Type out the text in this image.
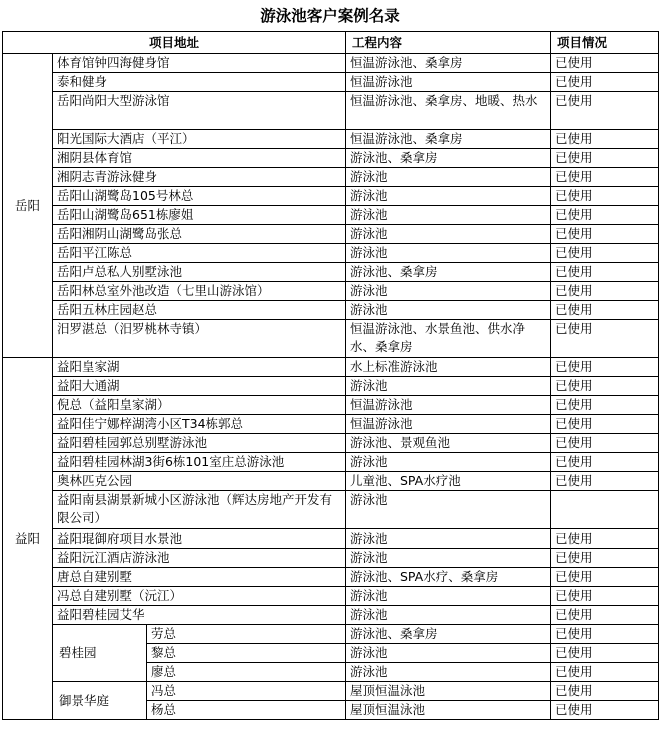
游泳池客户案例名录
项目地址			工程内容	项目情况
岳阳	体育馆钟四海健身馆		恒温游泳池、桑拿房	已使用
	泰和健身		恒温游泳池	已使用
	岳阳尚阳大型游泳馆		恒温游泳池、桑拿房、地暖、热水	已使用
	阳光国际大酒店（平江）		恒温游泳池、桑拿房	已使用
	湘阴县体育馆		游泳池、桑拿房	已使用
	湘阴志青游泳健身		游泳池	已使用
	岳阳山湖鹭岛105号林总		游泳池	已使用
	岳阳山湖鹭岛651栋廖姐		游泳池	已使用
	岳阳湘阴山湖鹭岛张总		游泳池	已使用
	岳阳平江陈总		游泳池	已使用
	岳阳卢总私人别墅泳池		游泳池、桑拿房	已使用
	岳阳林总室外池改造（七里山游泳馆）		游泳池	已使用
	岳阳五林庄园赵总		游泳池	已使用
	汨罗湛总（汨罗桃林寺镇）		恒温游泳池、水景鱼池、供水净水、桑拿房	已使用
益阳	益阳皇家湖		水上标准游泳池	已使用
	益阳大通湖		游泳池	已使用
	倪总（益阳皇家湖）		恒温游泳池	已使用
	益阳佳宁娜梓湖湾小区T34栋郭总		恒温游泳池	已使用
	益阳碧桂园郭总别墅游泳池		游泳池、景观鱼池	已使用
	益阳碧桂园林湖3街6栋101室庄总游泳池		游泳池	已使用
	奥林匹克公园		儿童池、SPA水疗池	已使用
	益阳南县湖景新城小区游泳池（辉达房地产开发有限公司）		游泳池	
	益阳琨御府项目水景池		游泳池	已使用
	益阳沅江酒店游泳池		游泳池	已使用
	唐总自建别墅		游泳池、SPA水疗、桑拿房	已使用
	冯总自建别墅（沅江）		游泳池	已使用
	益阳碧桂园艾华		游泳池	已使用
	碧桂园	劳总	游泳池、桑拿房	已使用
		黎总	游泳池	已使用
		廖总	游泳池	已使用
	御景华庭	冯总	屋顶恒温泳池	已使用
		杨总	屋顶恒温泳池	已使用
